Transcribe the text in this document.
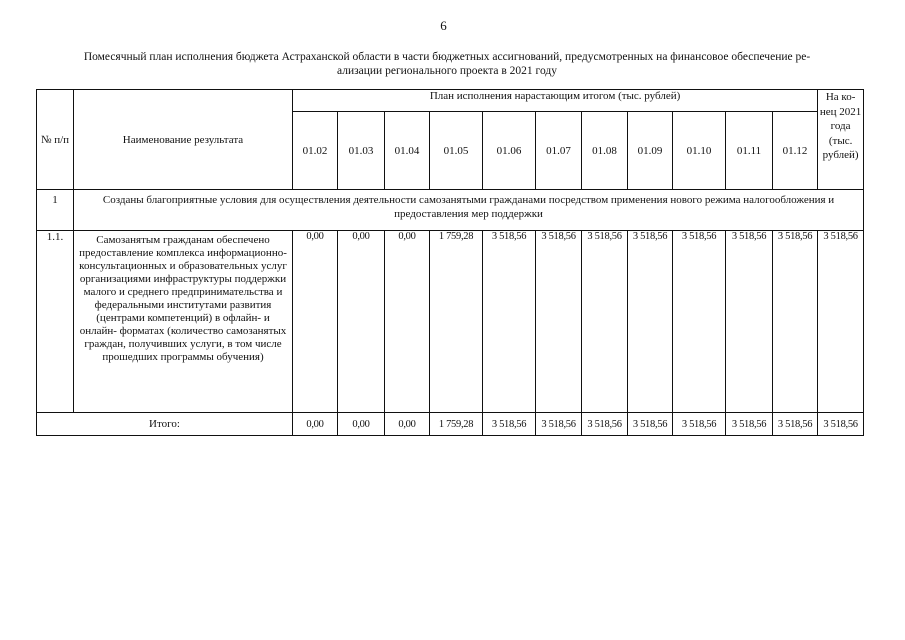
6
Помесячный план исполнения бюджета Астраханской области в части бюджетных ассигнований, предусмотренных на финансовое обеспечение ре-
ализации регионального проекта в 2021 году
№ п/п	Наименование результата	План исполнения нарастающим итогом (тыс. рублей)											На ко-нец 2021 года (тыс. рублей)
		01.02	01.03	01.04	01.05	01.06	01.07	01.08	01.09	01.10	01.11	01.12	
1	Созданы благоприятные условия для осуществления деятельности самозанятыми гражданами посредством применения нового режима налогообложения и предоставления мер поддержки												
1.1.	Самозанятым гражданам обеспечено предоставление комплекса информационно-консультационных и образовательных услуг организациями инфраструктуры поддержки малого и среднего предпринимательства и федеральными институтами развития (центрами компетенций) в офлайн- и онлайн- форматах (количество самозанятых граждан, получивших услуги, в том числе прошедших программы обучения)	0,00	0,00	0,00	1 759,28	3 518,56	3 518,56	3 518,56	3 518,56	3 518,56	3 518,56	3 518,56	3 518,56
Итого:		0,00	0,00	0,00	1 759,28	3 518,56	3 518,56	3 518,56	3 518,56	3 518,56	3 518,56	3 518,56	3 518,56
